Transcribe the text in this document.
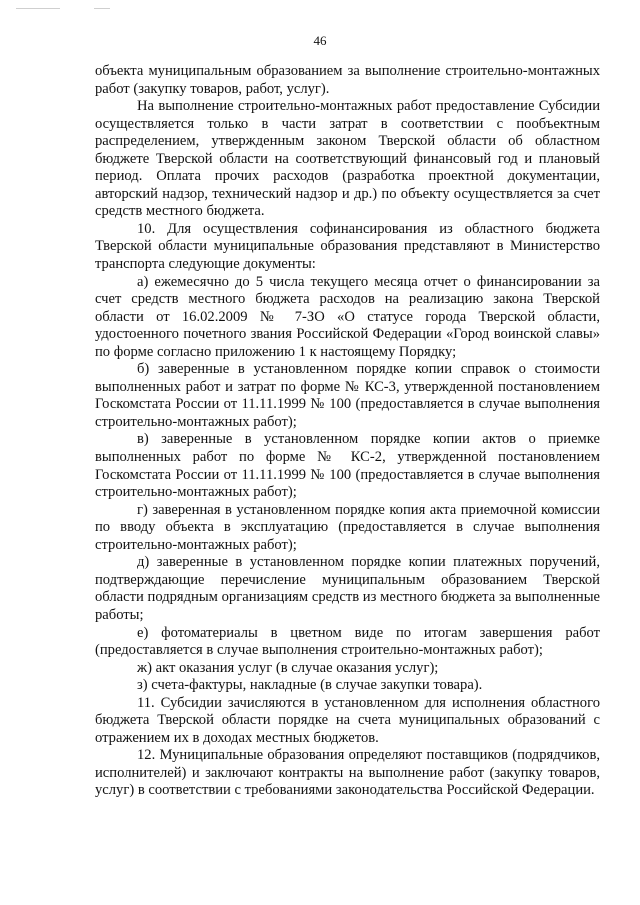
46

объекта муниципальным образованием за выполнение строительно-монтажных работ (закупку товаров, работ, услуг).

На выполнение строительно-монтажных работ предоставление Субсидии осуществляется только в части затрат в соответствии с пообъектным распределением, утвержденным законом Тверской области об областном бюджете Тверской области на соответствующий финансовый год и плановый период. Оплата прочих расходов (разработка проектной документации, авторский надзор, технический надзор и др.) по объекту осуществляется за счет средств местного бюджета.

10. Для осуществления софинансирования из областного бюджета Тверской области муниципальные образования представляют в Министерство транспорта следующие документы:

а) ежемесячно до 5 числа текущего месяца отчет о финансировании за счет средств местного бюджета расходов на реализацию закона Тверской области от 16.02.2009 № 7-ЗО «О статусе города Тверской области, удостоенного почетного звания Российской Федерации «Город воинской славы» по форме согласно приложению 1 к настоящему Порядку;

б) заверенные в установленном порядке копии справок о стоимости выполненных работ и затрат по форме № КС-3, утвержденной постановлением Госкомстата России от 11.11.1999 № 100 (предоставляется в случае выполнения строительно-монтажных работ);

в) заверенные в установленном порядке копии актов о приемке выполненных работ по форме № КС-2, утвержденной постановлением Госкомстата России от 11.11.1999 № 100 (предоставляется в случае выполнения строительно-монтажных работ);

г) заверенная в установленном порядке копия акта приемочной комиссии по вводу объекта в эксплуатацию (предоставляется в случае выполнения строительно-монтажных работ);

д) заверенные в установленном порядке копии платежных поручений, подтверждающие перечисление муниципальным образованием Тверской области подрядным организациям средств из местного бюджета за выполненные работы;

е) фотоматериалы в цветном виде по итогам завершения работ (предоставляется в случае выполнения строительно-монтажных работ);

ж) акт оказания услуг (в случае оказания услуг);

з) счета-фактуры, накладные (в случае закупки товара).

11. Субсидии зачисляются в установленном для исполнения областного бюджета Тверской области порядке на счета муниципальных образований с отражением их в доходах местных бюджетов.

12. Муниципальные образования определяют поставщиков (подрядчиков, исполнителей) и заключают контракты на выполнение работ (закупку товаров, услуг) в соответствии с требованиями законодательства Российской Федерации.
